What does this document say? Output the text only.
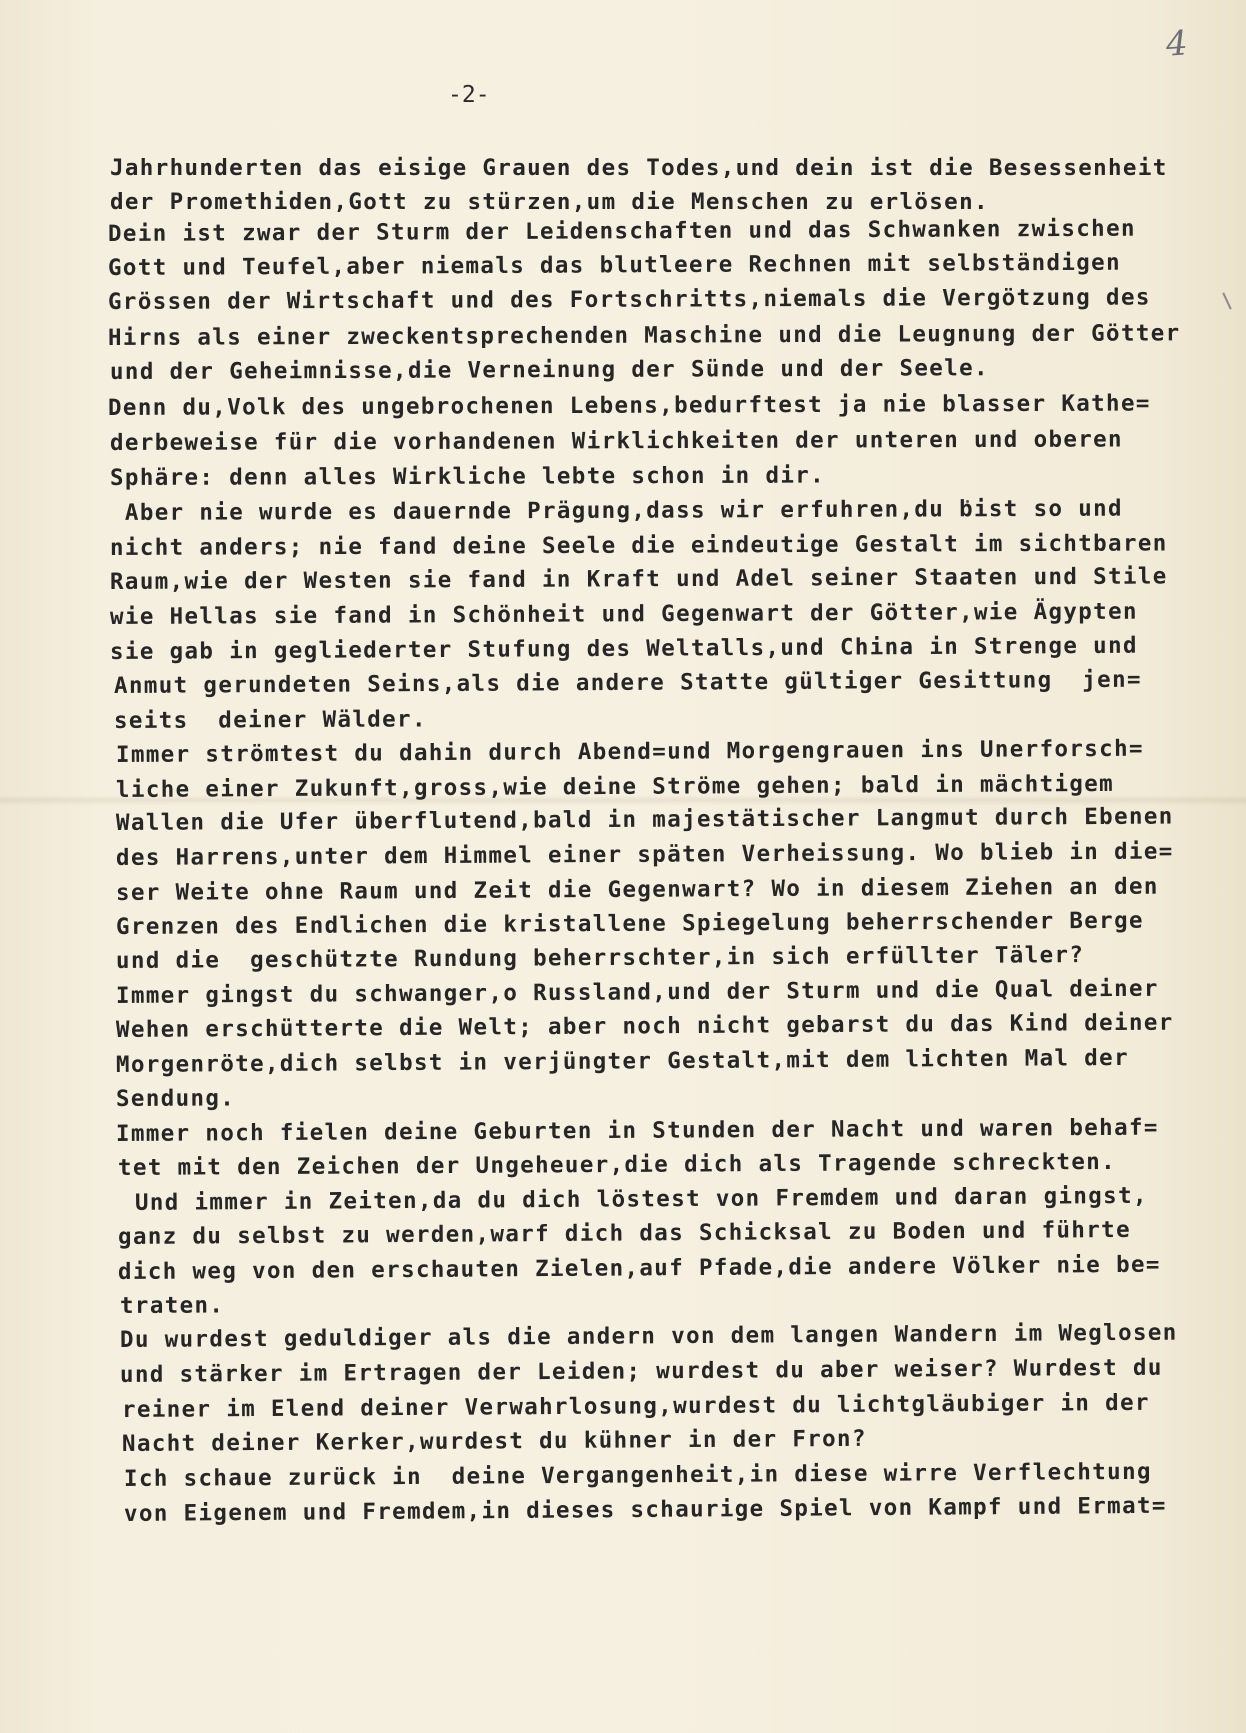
4
-2-
Jahrhunderten das eisige Grauen des Todes,und dein ist die Besessenheit
der Promethiden,Gott zu stürzen,um die Menschen zu erlösen.
Dein ist zwar der Sturm der Leidenschaften und das Schwanken zwischen
Gott und Teufel,aber niemals das blutleere Rechnen mit selbständigen
Grössen der Wirtschaft und des Fortschritts,niemals die Vergötzung des
Hirns als einer zweckentsprechenden Maschine und die Leugnung der Götter
und der Geheimnisse,die Verneinung der Sünde und der Seele.
Denn du,Volk des ungebrochenen Lebens,bedurftest ja nie blasser Kathe=
derbeweise für die vorhandenen Wirklichkeiten der unteren und oberen
Sphäre: denn alles Wirkliche lebte schon in dir.
Aber nie wurde es dauernde Prägung,dass wir erfuhren,du bist so und
nicht anders; nie fand deine Seele die eindeutige Gestalt im sichtbaren
Raum,wie der Westen sie fand in Kraft und Adel seiner Staaten und Stile
wie Hellas sie fand in Schönheit und Gegenwart der Götter,wie Ägypten
sie gab in gegliederter Stufung des Weltalls,und China in Strenge und
Anmut gerundeten Seins,als die andere Statte gültiger Gesittung  jen=
seits  deiner Wälder.
Immer strömtest du dahin durch Abend=und Morgengrauen ins Unerforsch=
liche einer Zukunft,gross,wie deine Ströme gehen; bald in mächtigem
Wallen die Ufer überflutend,bald in majestätischer Langmut durch Ebenen
des Harrens,unter dem Himmel einer späten Verheissung. Wo blieb in die=
ser Weite ohne Raum und Zeit die Gegenwart? Wo in diesem Ziehen an den
Grenzen des Endlichen die kristallene Spiegelung beherrschender Berge
und die  geschützte Rundung beherrschter,in sich erfüllter Täler?
Immer gingst du schwanger,o Russland,und der Sturm und die Qual deiner
Wehen erschütterte die Welt; aber noch nicht gebarst du das Kind deiner
Morgenröte,dich selbst in verjüngter Gestalt,mit dem lichten Mal der
Sendung.
Immer noch fielen deine Geburten in Stunden der Nacht und waren behaf=
tet mit den Zeichen der Ungeheuer,die dich als Tragende schreckten.
Und immer in Zeiten,da du dich löstest von Fremdem und daran gingst,
ganz du selbst zu werden,warf dich das Schicksal zu Boden und führte
dich weg von den erschauten Zielen,auf Pfade,die andere Völker nie be=
traten.
Du wurdest geduldiger als die andern von dem langen Wandern im Weglosen
und stärker im Ertragen der Leiden; wurdest du aber weiser? Wurdest du
reiner im Elend deiner Verwahrlosung,wurdest du lichtgläubiger in der
Nacht deiner Kerker,wurdest du kühner in der Fron?
Ich schaue zurück in  deine Vergangenheit,in diese wirre Verflechtung
von Eigenem und Fremdem,in dieses schaurige Spiel von Kampf und Ermat=
